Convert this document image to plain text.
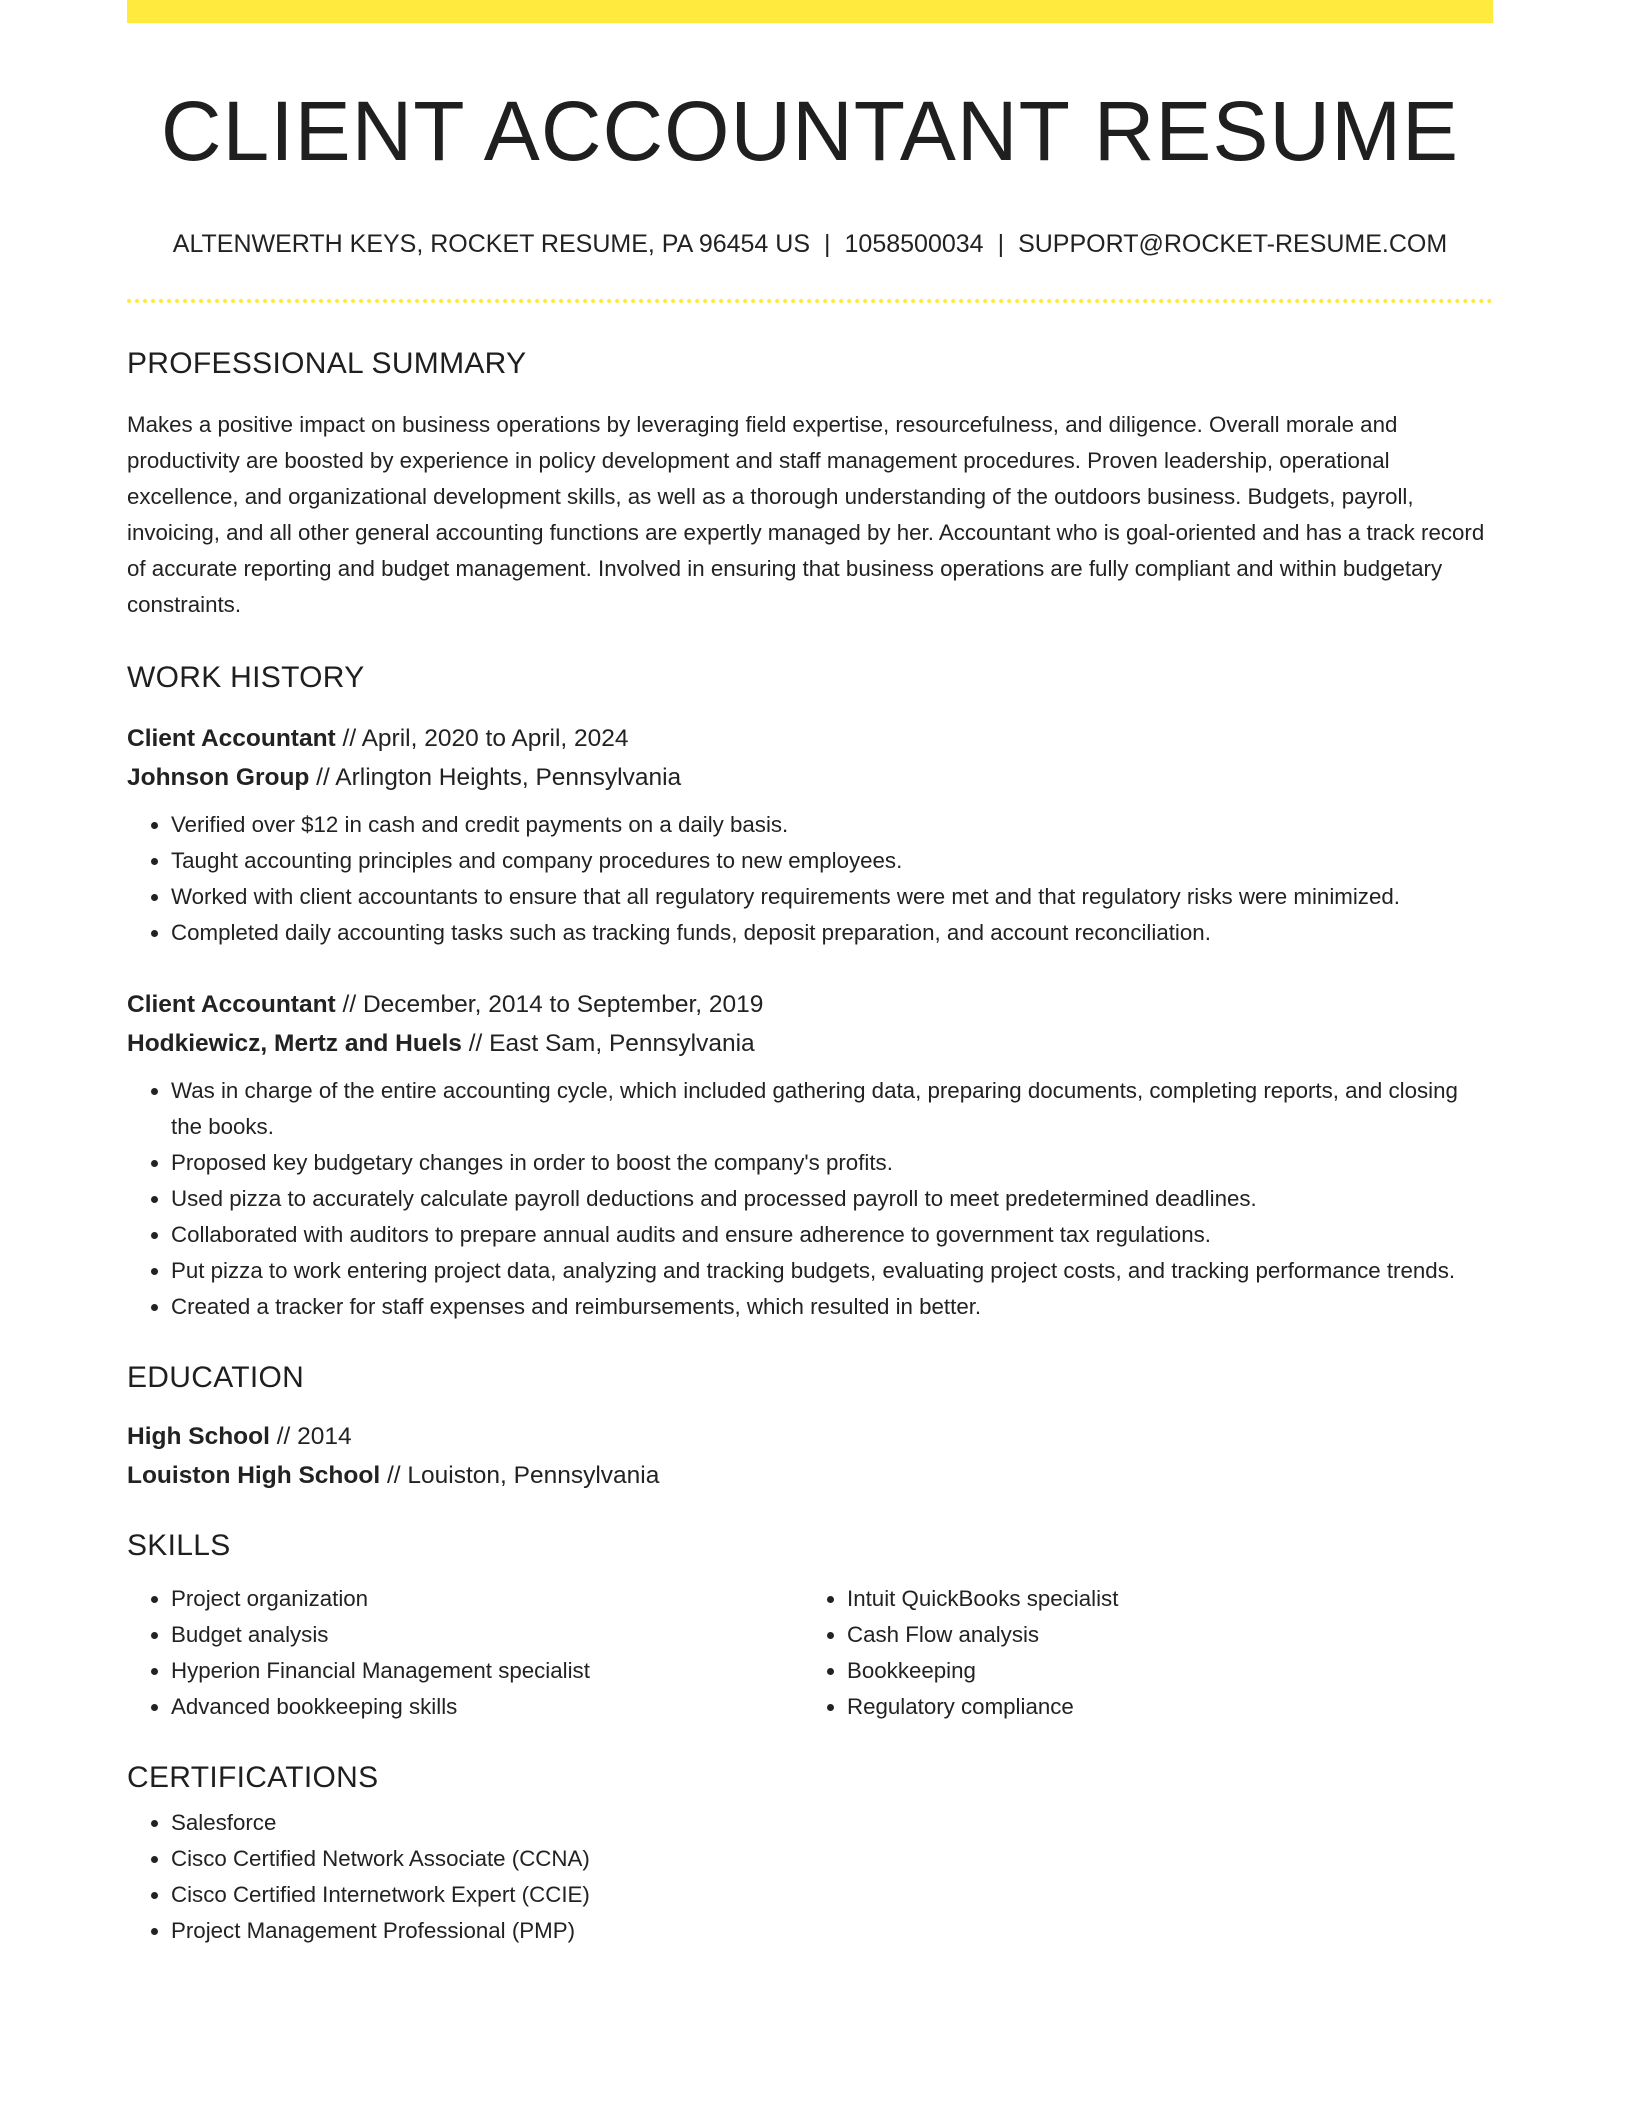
CLIENT ACCOUNTANT RESUME
ALTENWERTH KEYS, ROCKET RESUME, PA 96454 US | 1058500034 | SUPPORT@ROCKET-RESUME.COM
PROFESSIONAL SUMMARY
Makes a positive impact on business operations by leveraging field expertise, resourcefulness, and diligence. Overall morale and productivity are boosted by experience in policy development and staff management procedures. Proven leadership, operational excellence, and organizational development skills, as well as a thorough understanding of the outdoors business. Budgets, payroll, invoicing, and all other general accounting functions are expertly managed by her. Accountant who is goal-oriented and has a track record of accurate reporting and budget management. Involved in ensuring that business operations are fully compliant and within budgetary constraints.
WORK HISTORY
Client Accountant // April, 2020 to April, 2024
Johnson Group // Arlington Heights, Pennsylvania
• Verified over $12 in cash and credit payments on a daily basis.
• Taught accounting principles and company procedures to new employees.
• Worked with client accountants to ensure that all regulatory requirements were met and that regulatory risks were minimized.
• Completed daily accounting tasks such as tracking funds, deposit preparation, and account reconciliation.
Client Accountant // December, 2014 to September, 2019
Hodkiewicz, Mertz and Huels // East Sam, Pennsylvania
• Was in charge of the entire accounting cycle, which included gathering data, preparing documents, completing reports, and closing the books.
• Proposed key budgetary changes in order to boost the company's profits.
• Used pizza to accurately calculate payroll deductions and processed payroll to meet predetermined deadlines.
• Collaborated with auditors to prepare annual audits and ensure adherence to government tax regulations.
• Put pizza to work entering project data, analyzing and tracking budgets, evaluating project costs, and tracking performance trends.
• Created a tracker for staff expenses and reimbursements, which resulted in better.
EDUCATION
High School // 2014
Louiston High School // Louiston, Pennsylvania
SKILLS
• Project organization
• Budget analysis
• Hyperion Financial Management specialist
• Advanced bookkeeping skills
• Intuit QuickBooks specialist
• Cash Flow analysis
• Bookkeeping
• Regulatory compliance
CERTIFICATIONS
• Salesforce
• Cisco Certified Network Associate (CCNA)
• Cisco Certified Internetwork Expert (CCIE)
• Project Management Professional (PMP)
